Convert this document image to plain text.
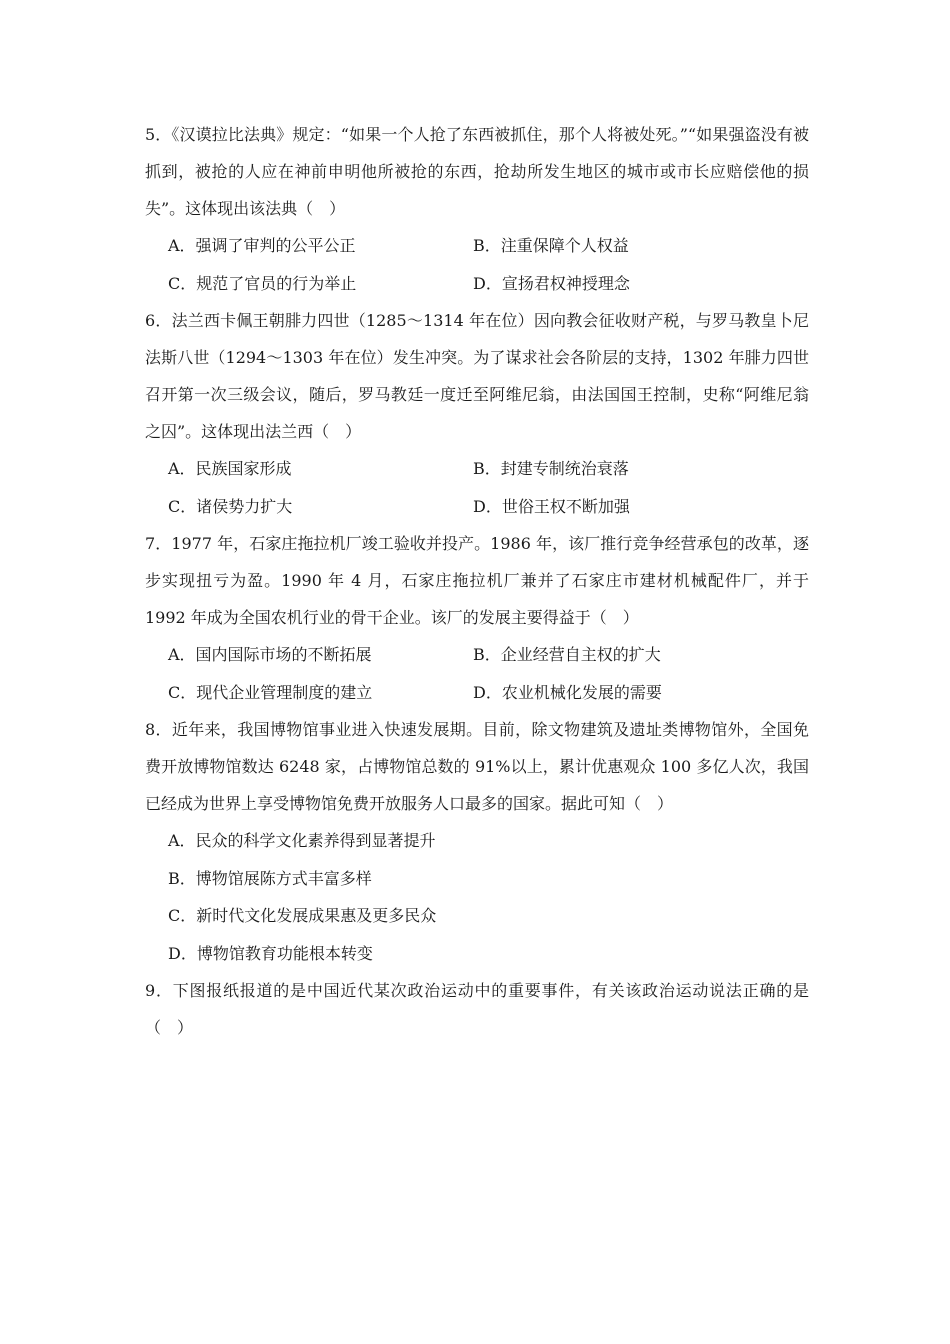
5．《汉谟拉比法典》规定：“如果一个人抢了东西被抓住，那个人将被处死。”“如果强盗没有被抓到，被抢的人应在神前申明他所被抢的东西，抢劫所发生地区的城市或市长应赔偿他的损失”。这体现出该法典（　）

A．强调了审判的公平公正	B．注重保障个人权益
C．规范了官员的行为举止	D．宣扬君权神授理念

6．法兰西卡佩王朝腓力四世（1285～1314 年在位）因向教会征收财产税，与罗马教皇卜尼法斯八世（1294～1303 年在位）发生冲突。为了谋求社会各阶层的支持，1302 年腓力四世召开第一次三级会议，随后，罗马教廷一度迁至阿维尼翁，由法国国王控制，史称“阿维尼翁之囚”。这体现出法兰西（　）

A．民族国家形成	B．封建专制统治衰落
C．诸侯势力扩大	D．世俗王权不断加强

7．1977 年，石家庄拖拉机厂竣工验收并投产。1986 年，该厂推行竞争经营承包的改革，逐步实现扭亏为盈。1990 年 4 月，石家庄拖拉机厂兼并了石家庄市建材机械配件厂，并于 1992 年成为全国农机行业的骨干企业。该厂的发展主要得益于（　）

A．国内国际市场的不断拓展	B．企业经营自主权的扩大
C．现代企业管理制度的建立	D．农业机械化发展的需要

8．近年来，我国博物馆事业进入快速发展期。目前，除文物建筑及遗址类博物馆外，全国免费开放博物馆数达 6248 家，占博物馆总数的 91%以上，累计优惠观众 100 多亿人次，我国已经成为世界上享受博物馆免费开放服务人口最多的国家。据此可知（　）

A．民众的科学文化素养得到显著提升
B．博物馆展陈方式丰富多样
C．新时代文化发展成果惠及更多民众
D．博物馆教育功能根本转变

9．下图报纸报道的是中国近代某次政治运动中的重要事件，有关该政治运动说法正确的是（　）
